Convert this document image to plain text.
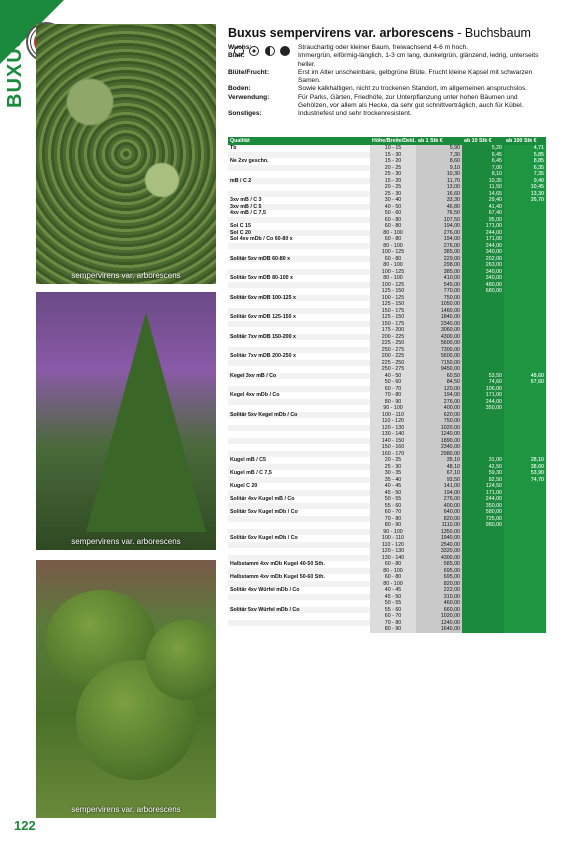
BUXUS
sempervirens var. arborescens
sempervirens var. arborescens
sempervirens var. arborescens
122
Buxus sempervirens var. arborescens - Buchsbaum
Wuchs:	Strauchartig oder kleiner Baum, freiwachsend 4-6 m hoch.
Blatt:	Immergrün, eiförmig-länglich, 1-3 cm lang, dunkelgrün, glänzend, ledrig, unterseits heller.
Blüte/Frucht:	Erst im Alter unscheinbare, gelbgrüne Blüte. Frucht kleine Kapsel mit schwarzen Samen.
Boden:	Sowie kalkhaltigen, nicht zu trockenen Standort, im allgemeinen anspruchslos.
Verwendung:	Für Parks, Gärten, Friedhöfe, zur Unterpflanzung unter hohen Bäumen und Gehölzen, vor allem als Hecke, da sehr gut schnittverträglich, auch für Kübel.
Sonstiges:	Industriefest und sehr trockenresistent.
Qualität	Höhe/Breite/Dekl.	ab 1 Stk €	ab 10 Stk €	ab 100 Stk €
Tb	10 - 15	5,90	5,20	4,71
	15 - 30	7,30	6,45	5,85
Ne 2xv geschn.	15 - 20	8,60	6,45	8,85
	20 - 25	9,10	7,00	6,35
	25 - 30	10,30	8,10	7,35
mB / C 2	15 - 20	11,70	10,35	9,40
	20 - 25	13,00	11,50	10,45
	25 - 30	16,60	14,65	13,30
3xv mB / C 3	30 - 40	33,30	29,40	26,70
3xv mB / C 5	40 - 50	46,80	41,40	
4xv mB / C 7,5	50 - 60	76,50	67,40	
	60 - 80	107,50	95,00	
Sol C 15	60 - 80	194,00	171,00	
Sol C 20	80 - 100	276,00	244,00	
Sol 4xv mDb / Co 60-80 x	60 - 80	194,00	171,00	
	80 - 100	276,00	244,00	
	100 - 125	385,00	340,00	
Solitär 5xv mDB 60-80 x	60 - 80	229,00	202,00	
	80 - 100	298,00	263,00	
	100 - 125	385,00	340,00	
Solitär 5xv mDB 80-100 x	80 - 100	410,00	340,00	
	100 - 125	545,00	480,00	
	125 - 150	770,00	680,00	
Solitär 6xv mDB 100-125 x	100 - 125	750,00		
	125 - 150	1050,00		
	150 - 175	1460,00		
Solitär 6xv mDB 125-150 x	125 - 150	1840,00		
	150 - 175	2340,00		
	175 - 200	3060,00		
Solitär 7xv mDB 150-200 x	200 - 225	4300,00		
	225 - 250	5600,00		
	250 - 275	7300,00		
Solitär 7xv mDB 200-250 x	200 - 225	5600,00		
	225 - 250	7150,00		
	250 - 275	9450,00		
Kegel 3xv mB / Co	40 - 50	60,50	53,50	48,60
	50 - 60	84,50	74,60	67,60
	60 - 70	120,00	106,00	
Kegel 4xv mDb / Co	70 - 80	194,00	171,00	
	80 - 90	276,00	244,00	
	90 - 100	400,00	350,00	
Solitär 5xv Kegel mDb / Co	100 - 110	620,00		
	110 - 120	750,00		
	120 - 130	1020,00		
	130 - 140	1240,00		
	140 - 150	1890,00		
	150 - 160	2340,00		
	160 - 170	2980,00		
Kugel mB / C5	20 - 25	35,10	31,00	28,10
	25 - 30	48,10	42,50	38,60
Kugel mB / C 7,5	30 - 35	67,10	59,30	53,90
	35 - 40	93,50	82,50	74,70
Kugel C 20	40 - 45	141,00	124,50	
	45 - 50	194,00	171,00	
Solitär 4xv Kugel mB / Co	50 - 55	276,00	244,00	
	55 - 60	400,00	350,00	
Solitär 5xv Kugel mDb / Co	60 - 70	640,00	580,00	
	70 - 80	820,00	725,00	
	80 - 90	1110,00	980,00	
	90 - 100	1350,00		
Solitär 6xv Kugel mDb / Co	100 - 110	1940,00		
	110 - 120	2540,00		
	120 - 130	3320,00		
	130 - 140	4300,00		
Halbstamm 4xv mDb Kugel 40-50 Sth.	60 - 80	585,00		
	80 - 100	695,00		
Halbstamm 4xv mDb Kugel 50-60 Sth.	60 - 80	695,00		
	80 - 100	820,00		
Solitär 4xv Würfel mDb / Co	40 - 45	222,00		
	45 - 50	310,00		
	50 - 55	460,00		
Solitär 5xv Würfel mDb / Co	55 - 60	660,00		
	60 - 70	1020,00		
	70 - 80	1240,00		
	80 - 90	1640,00		
